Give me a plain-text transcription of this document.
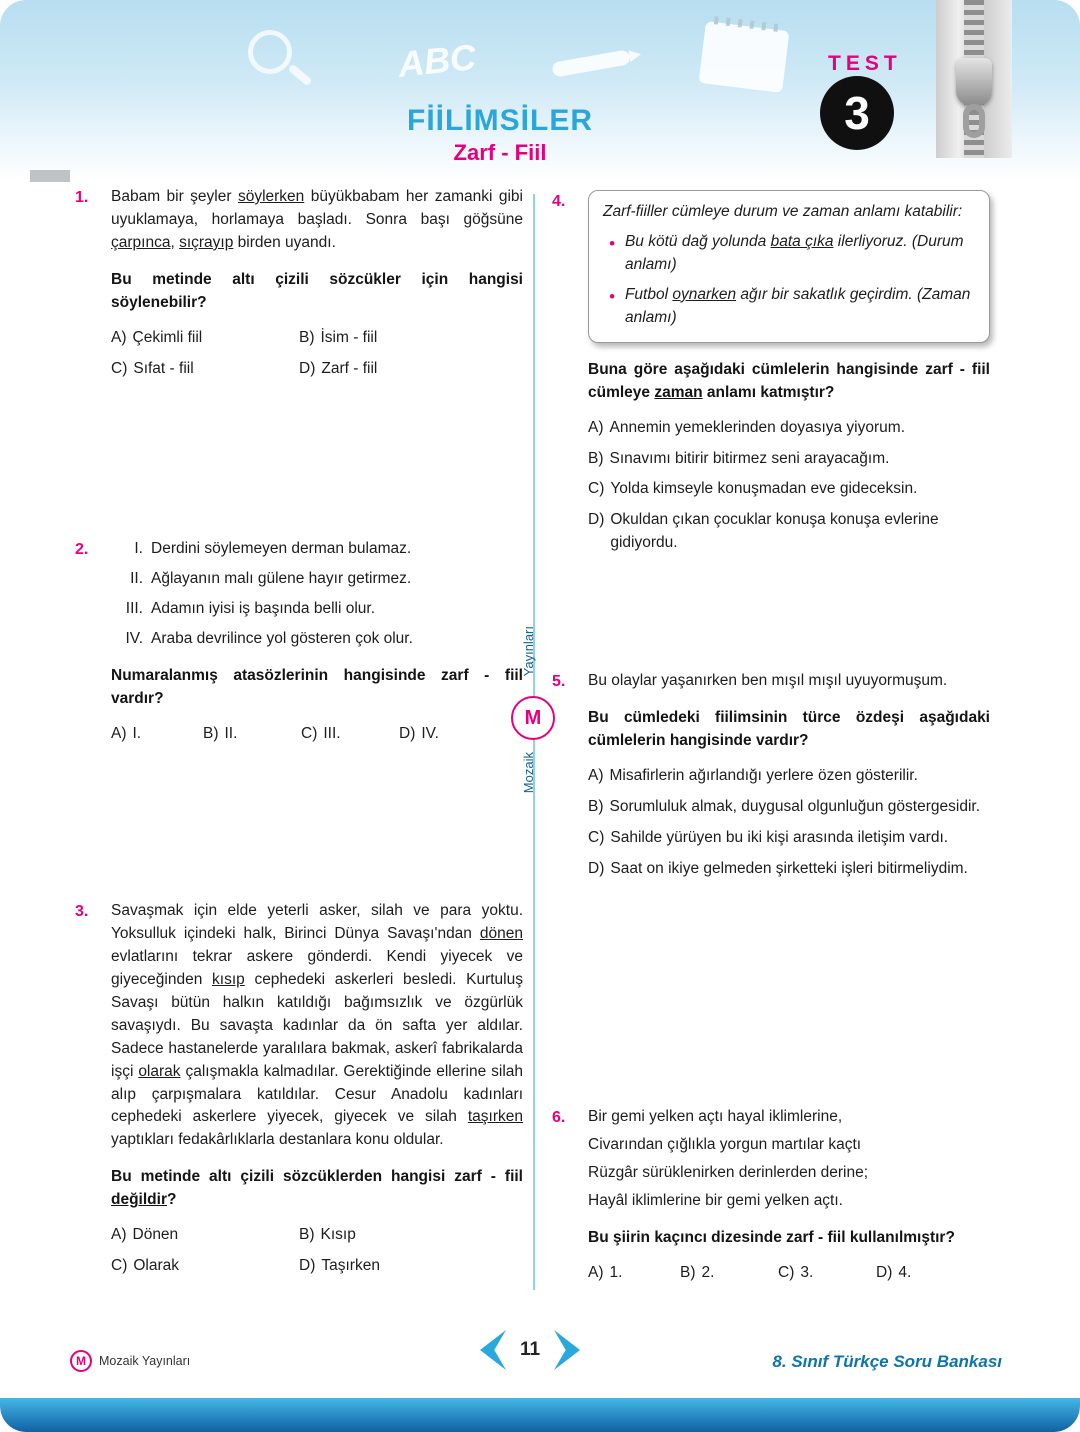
ABC
FİİLİMSİLER
Zarf - Fiil
TEST
3
Yayınları
M
Mozaik
1.	Babam bir şeyler söylerken büyükbabam her zamanki gibi uyuklamaya, horlamaya başladı. Sonra başı göğsüne çarpınca, sıçrayıp birden uyandı.
Bu metinde altı çizili sözcükler için hangisi söylenebilir?
A) Çekimli fiil	B) İsim - fiil
C) Sıfat - fiil	D) Zarf - fiil
2.	I. Derdini söylemeyen derman bulamaz.
II. Ağlayanın malı gülene hayır getirmez.
III. Adamın iyisi iş başında belli olur.
IV. Araba devrilince yol gösteren çok olur.
Numaralanmış atasözlerinin hangisinde zarf - fiil vardır?
A) I.	B) II.	C) III.	D) IV.
3.	Savaşmak için elde yeterli asker, silah ve para yoktu. Yoksulluk içindeki halk, Birinci Dünya Savaşı'ndan dönen evlatlarını tekrar askere gönderdi. Kendi yiyecek ve giyeceğinden kısıp cephedeki askerleri besledi. Kurtuluş Savaşı bütün halkın katıldığı bağımsızlık ve özgürlük savaşıydı. Bu savaşta kadınlar da ön safta yer aldılar. Sadece hastanelerde yaralılara bakmak, askerî fabrikalarda işçi olarak çalışmakla kalmadılar. Gerektiğinde ellerine silah alıp çarpışmalara katıldılar. Cesur Anadolu kadınları cephedeki askerlere yiyecek, giyecek ve silah taşırken yaptıkları fedakârlıklarla destanlara konu oldular.
Bu metinde altı çizili sözcüklerden hangisi zarf - fiil değildir?
A) Dönen	B) Kısıp
C) Olarak	D) Taşırken
4.
Zarf-fiiller cümleye durum ve zaman anlamı katabilir:
• Bu kötü dağ yolunda bata çıka ilerliyoruz. (Durum anlamı)
• Futbol oynarken ağır bir sakatlık geçirdim. (Zaman anlamı)
Buna göre aşağıdaki cümlelerin hangisinde zarf - fiil cümleye zaman anlamı katmıştır?
A) Annemin yemeklerinden doyasıya yiyorum.
B) Sınavımı bitirir bitirmez seni arayacağım.
C) Yolda kimseyle konuşmadan eve gideceksin.
D) Okuldan çıkan çocuklar konuşa konuşa evlerine gidiyordu.
5.	Bu olaylar yaşanırken ben mışıl mışıl uyuyormuşum.
Bu cümledeki fiilimsinin türce özdeşi aşağıdaki cümlelerin hangisinde vardır?
A) Misafirlerin ağırlandığı yerlere özen gösterilir.
B) Sorumluluk almak, duygusal olgunluğun göstergesidir.
C) Sahilde yürüyen bu iki kişi arasında iletişim vardı.
D) Saat on ikiye gelmeden şirketteki işleri bitirmeliydim.
6.	Bir gemi yelken açtı hayal iklimlerine,
Civarından çığlıkla yorgun martılar kaçtı
Rüzgâr sürüklenirken derinlerden derine;
Hayâl iklimlerine bir gemi yelken açtı.
Bu şiirin kaçıncı dizesinde zarf - fiil kullanılmıştır?
A) 1.	B) 2.	C) 3.	D) 4.
11
M	Mozaik Yayınları	8. Sınıf Türkçe Soru Bankası
